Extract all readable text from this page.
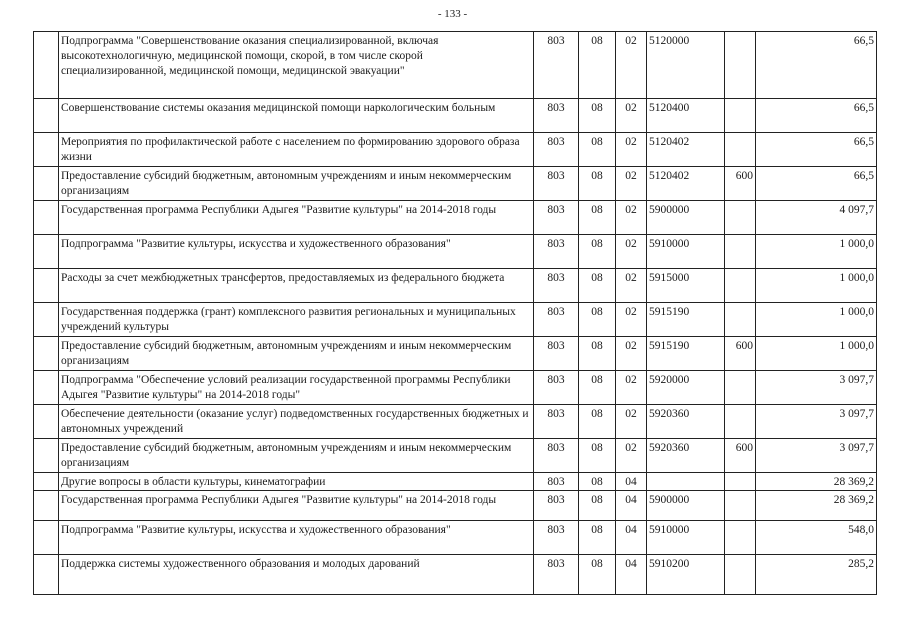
- 133 -
	Подпрограмма "Совершенствование оказания специализированной, включая высокотехнологичную, медицинской помощи, скорой, в том числе скорой специализированной, медицинской помощи, медицинской эвакуации"	803	08	02	5120000		66,5
	Совершенствование системы оказания медицинской помощи наркологическим больным	803	08	02	5120400		66,5
	Мероприятия по профилактической работе с населением по формированию здорового образа жизни	803	08	02	5120402		66,5
	Предоставление субсидий бюджетным, автономным учреждениям и иным некоммерческим организациям	803	08	02	5120402	600	66,5
	Государственная программа Республики Адыгея "Развитие культуры" на 2014-2018 годы	803	08	02	5900000		4 097,7
	Подпрограмма "Развитие культуры, искусства и художественного образования"	803	08	02	5910000		1 000,0
	Расходы за счет межбюджетных трансфертов, предоставляемых из федерального бюджета	803	08	02	5915000		1 000,0
	Государственная поддержка (грант) комплексного развития региональных и муниципальных учреждений культуры	803	08	02	5915190		1 000,0
	Предоставление субсидий бюджетным, автономным учреждениям и иным некоммерческим организациям	803	08	02	5915190	600	1 000,0
	Подпрограмма "Обеспечение условий реализации государственной программы Республики Адыгея "Развитие культуры" на 2014-2018 годы"	803	08	02	5920000		3 097,7
	Обеспечение деятельности (оказание услуг) подведомственных государственных бюджетных и автономных учреждений	803	08	02	5920360		3 097,7
	Предоставление субсидий бюджетным, автономным учреждениям и иным некоммерческим организациям	803	08	02	5920360	600	3 097,7
	Другие вопросы в области культуры, кинематографии	803	08	04			28 369,2
	Государственная программа Республики Адыгея "Развитие культуры" на 2014-2018 годы	803	08	04	5900000		28 369,2
	Подпрограмма "Развитие культуры, искусства и художественного образования"	803	08	04	5910000		548,0
	Поддержка системы художественного образования и молодых дарований	803	08	04	5910200		285,2
